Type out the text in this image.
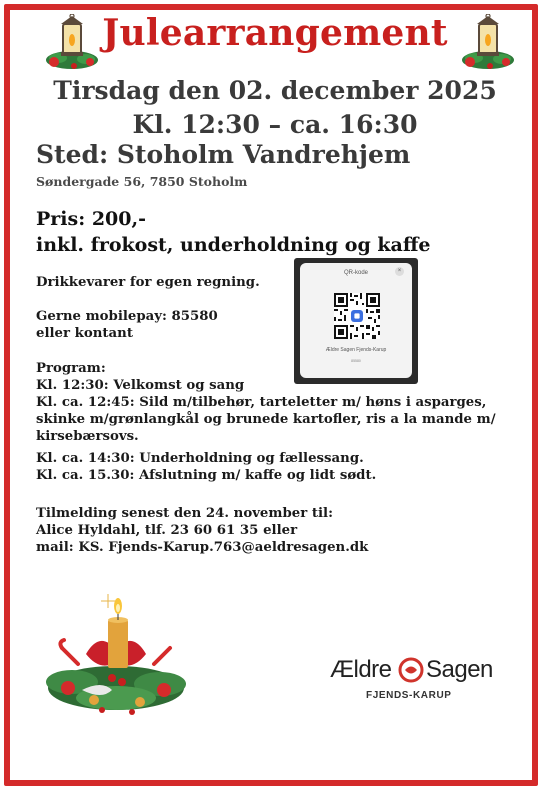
Julearrangement
Tirsdag den 02. december 2025
Kl. 12:30 – ca. 16:30
Sted: Stoholm Vandrehjem
Søndergade 56, 7850 Stoholm
Pris: 200,-
inkl. frokost, underholdning og kaffe
Drikkevarer for egen regning.
Gerne mobilepay: 85580
eller kontant
QR-kode	×
Ældre Sagen Fjends-Karup
85580
Program:
Kl. 12:30: Velkomst og sang
Kl. ca. 12:45: Sild m/tilbehør, tarteletter m/ høns i asparges, skinke m/grønlangkål og brunede kartofler, ris a la mande m/ kirsebærsovs.
Kl. ca. 14:30: Underholdning og fællessang.
Kl. ca. 15.30: Afslutning m/ kaffe og lidt sødt.
Tilmelding senest den 24. november til:
Alice Hyldahl, tlf. 23 60 61 35 eller
mail: KS. Fjends-Karup.763@aeldresagen.dk
Ældre Sagen
FJENDS-KARUP
